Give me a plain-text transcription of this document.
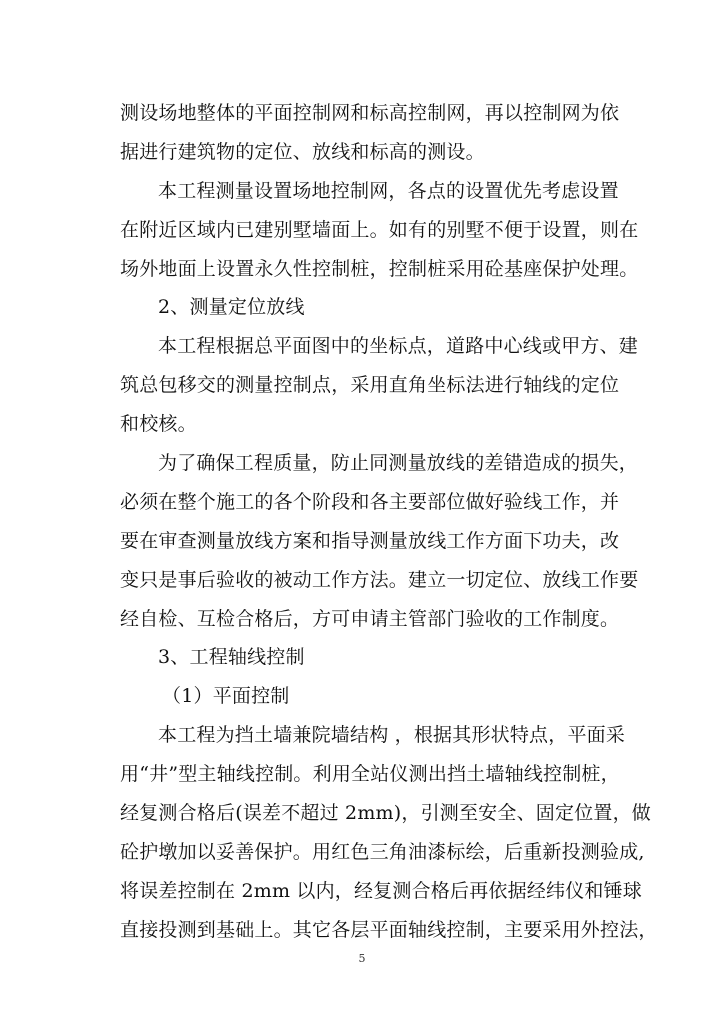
测设场地整体的平面控制网和标高控制网，再以控制网为依
据进行建筑物的定位、放线和标高的测设。
本工程测量设置场地控制网，各点的设置优先考虑设置
在附近区域内已建别墅墙面上。如有的别墅不便于设置，则在
场外地面上设置永久性控制桩，控制桩采用砼基座保护处理。
2、测量定位放线
本工程根据总平面图中的坐标点，道路中心线或甲方、建
筑总包移交的测量控制点，采用直角坐标法进行轴线的定位
和校核。
为了确保工程质量，防止同测量放线的差错造成的损失，
必须在整个施工的各个阶段和各主要部位做好验线工作，并
要在审查测量放线方案和指导测量放线工作方面下功夫，改
变只是事后验收的被动工作方法。建立一切定位、放线工作要
经自检、互检合格后，方可申请主管部门验收的工作制度。
3、工程轴线控制
（1）平面控制
本工程为挡土墙兼院墙结构 ，根据其形状特点，平面采
用“井”型主轴线控制。利用全站仪测出挡土墙轴线控制桩，
经复测合格后(误差不超过 2mm)，引测至安全、固定位置，做
砼护墩加以妥善保护。用红色三角油漆标绘，后重新投测验成,
将误差控制在 2mm 以内，经复测合格后再依据经纬仪和锤球
直接投测到基础上。其它各层平面轴线控制，主要采用外控法，
5
